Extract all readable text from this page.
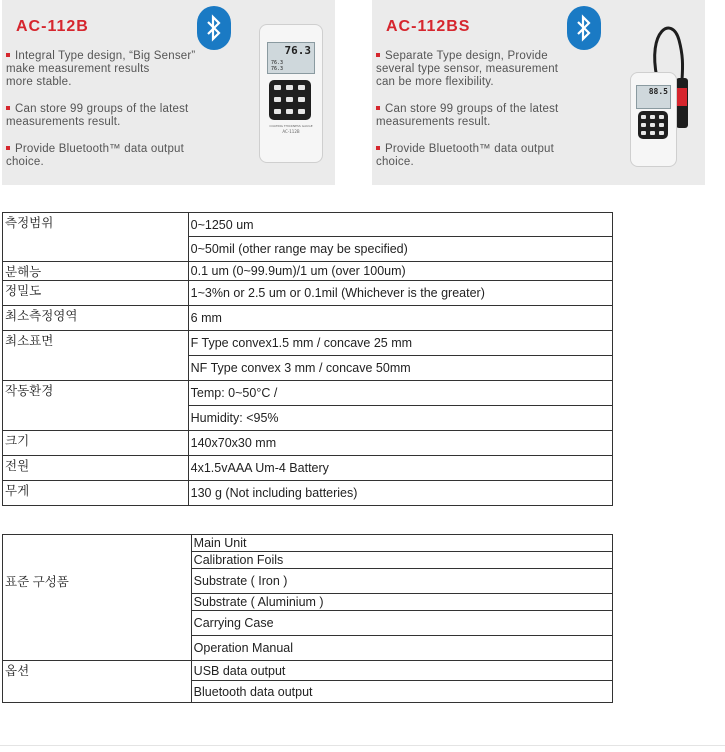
AC-112B
Integral Type design, “Big Senser”
make measurement results
more stable.
Can store 99 groups of the latest
measurements result.
Provide Bluetooth™ data output
choice.
76.3
76.3
76.3
COATING THICKNESS GAUGE
AC-112B
AC-112BS
Separate Type design, Provide
several type sensor, measurement
can be more flexibility.
Can store 99 groups of the latest
measurements result.
Provide Bluetooth™ data output
choice.
88.5
측정범위	0~1250 um
	0~50mil (other range may be specified)
분해능	0.1 um (0~99.9um)/1 um (over 100um)
정밀도	1~3%n or 2.5 um or 0.1mil (Whichever is the greater)
최소측정영역	6 mm
최소표면	F Type convex1.5 mm / concave 25 mm
	NF Type convex 3 mm / concave 50mm
작동환경	Temp: 0~50°C /
	Humidity: <95%
크기	140x70x30 mm
전원	4x1.5vAAA Um-4 Battery
무게	130 g (Not including batteries)
표준 구성품	Main Unit
	Calibration Foils
	Substrate ( Iron )
	Substrate ( Aluminium )
	Carrying Case
	Operation Manual
옵션	USB data output
	Bluetooth data output
